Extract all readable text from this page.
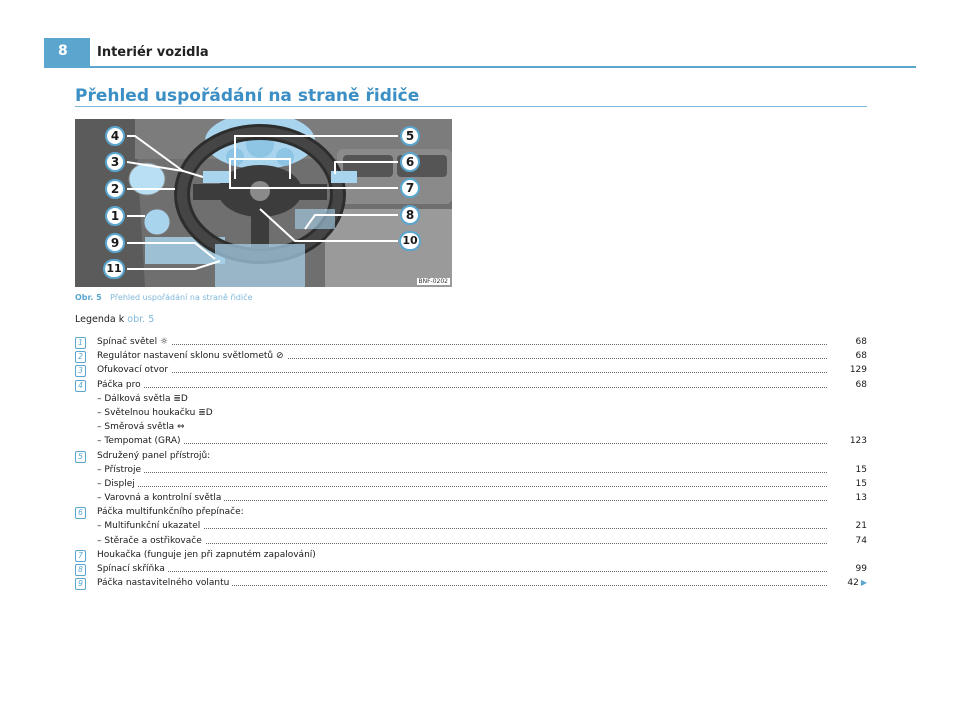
8 Interiér vozidla
Přehled uspořádání na straně řidiče
4
3
2
1
9
11
5
6
7
8
10
BNF-0202
Obr. 5 Přehled uspořádání na straně řidiče
Legenda k obr. 5
1	Spínač světel ☼	68
2	Regulátor nastavení sklonu světlometů ⊘	68
3	Ofukovací otvor	129
4	Páčka pro	68
– Dálková světla ≣D
– Světelnou houkačku ≣D
– Směrová světla ⇔
– Tempomat (GRA)	123
5	Sdružený panel přístrojů:
– Přístroje	15
– Displej	15
– Varovná a kontrolní světla	13
6	Páčka multifunkčního přepínače:
– Multifunkční ukazatel	21
– Stěrače a ostřikovače	74
7	Houkačka (funguje jen při zapnutém zapalování)
8	Spínací skříňka	99
9	Páčka nastavitelného volantu	42 ▶
